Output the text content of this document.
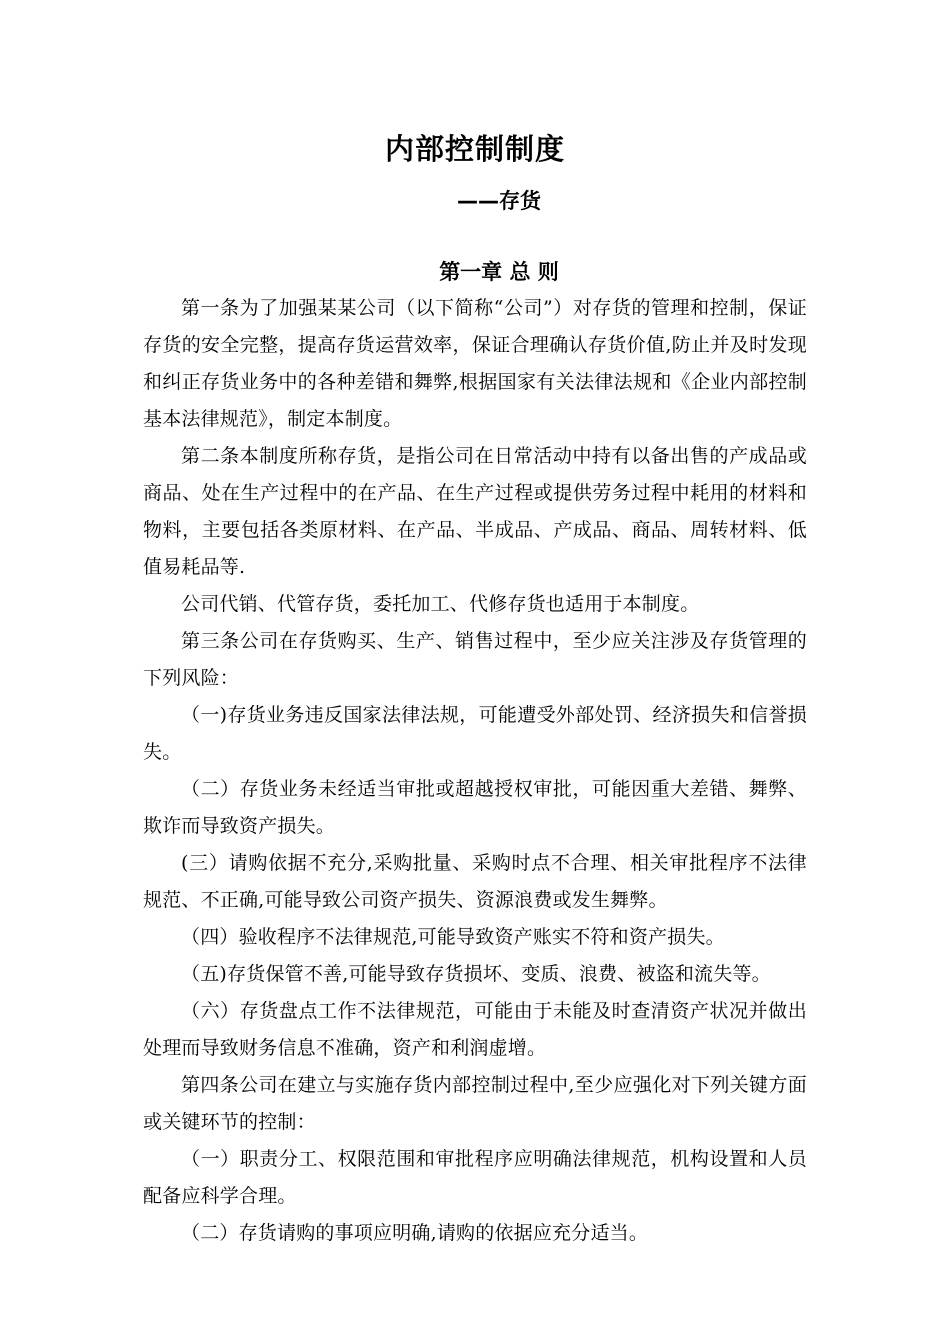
内部控制制度
——存货
第一章 总 则

第一条为了加强某某公司（以下简称“公司”）对存货的管理和控制，保证存货的安全完整，提高存货运营效率，保证合理确认存货价值,防止并及时发现和纠正存货业务中的各种差错和舞弊,根据国家有关法律法规和《企业内部控制基本法律规范》，制定本制度。

第二条本制度所称存货，是指公司在日常活动中持有以备出售的产成品或商品、处在生产过程中的在产品、在生产过程或提供劳务过程中耗用的材料和物料，主要包括各类原材料、在产品、半成品、产成品、商品、周转材料、低值易耗品等.

公司代销、代管存货，委托加工、代修存货也适用于本制度。

第三条公司在存货购买、生产、销售过程中，至少应关注涉及存货管理的下列风险：

（一)存货业务违反国家法律法规，可能遭受外部处罚、经济损失和信誉损失。

（二）存货业务未经适当审批或超越授权审批，可能因重大差错、舞弊、欺诈而导致资产损失。

(三）请购依据不充分,采购批量、采购时点不合理、相关审批程序不法律规范、不正确,可能导致公司资产损失、资源浪费或发生舞弊。

（四）验收程序不法律规范,可能导致资产账实不符和资产损失。

（五)存货保管不善,可能导致存货损坏、变质、浪费、被盗和流失等。

（六）存货盘点工作不法律规范，可能由于未能及时查清资产状况并做出处理而导致财务信息不准确，资产和利润虚增。

第四条公司在建立与实施存货内部控制过程中,至少应强化对下列关键方面或关键环节的控制：

（一）职责分工、权限范围和审批程序应明确法律规范，机构设置和人员配备应科学合理。

（二）存货请购的事项应明确,请购的依据应充分适当。
